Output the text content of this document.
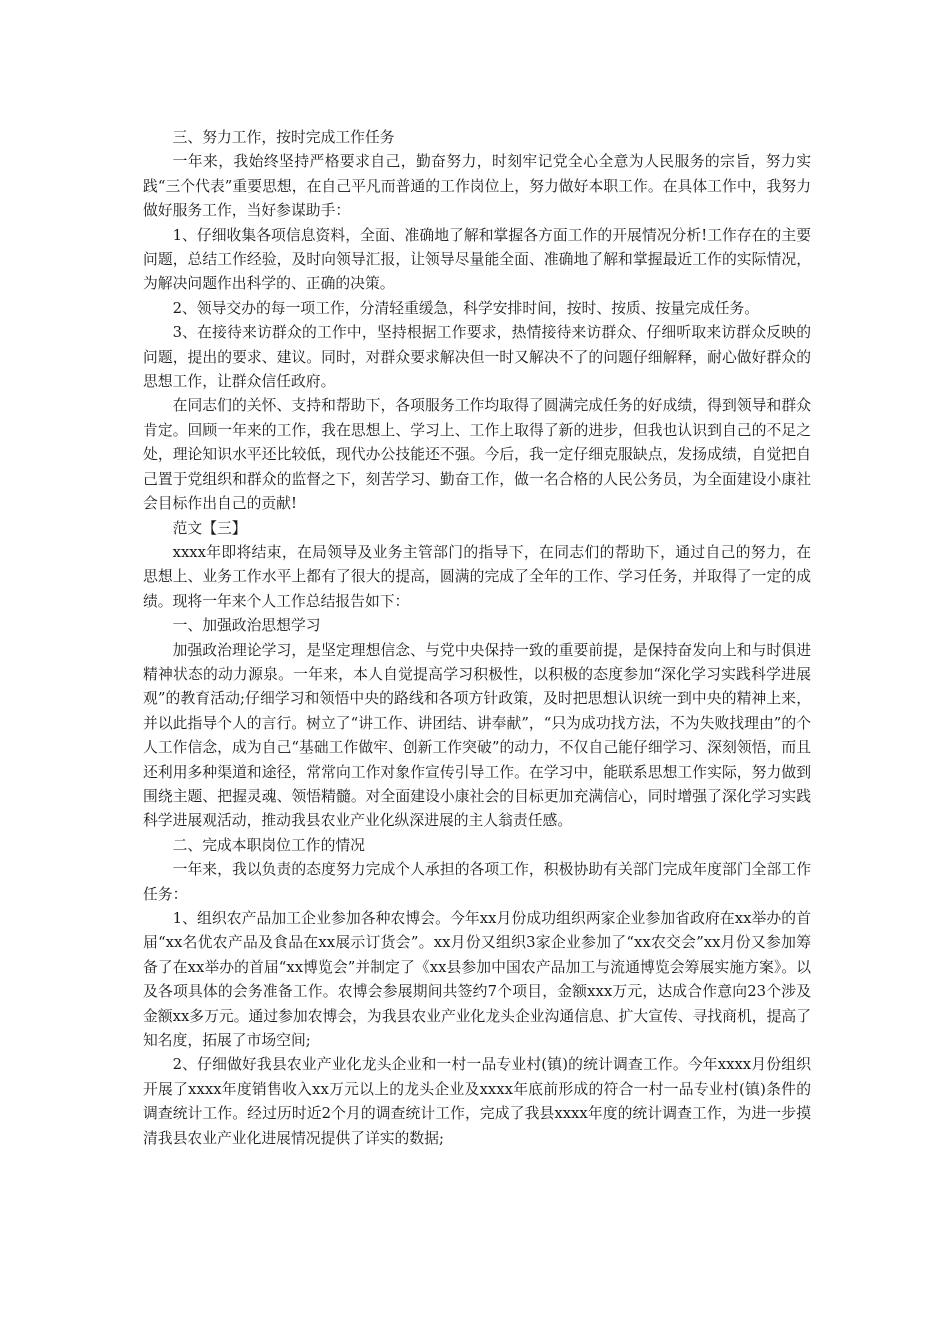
三、努力工作，按时完成工作任务

一年来，我始终坚持严格要求自己，勤奋努力，时刻牢记党全心全意为人民服务的宗旨，努力实践“三个代表”重要思想，在自己平凡而普通的工作岗位上，努力做好本职工作。在具体工作中，我努力做好服务工作，当好参谋助手：

1、仔细收集各项信息资料，全面、准确地了解和掌握各方面工作的开展情况分析!工作存在的主要问题，总结工作经验，及时向领导汇报，让领导尽量能全面、准确地了解和掌握最近工作的实际情况，为解决问题作出科学的、正确的决策。

2、领导交办的每一项工作，分清轻重缓急，科学安排时间，按时、按质、按量完成任务。

3、在接待来访群众的工作中，坚持根据工作要求，热情接待来访群众、仔细听取来访群众反映的问题，提出的要求、建议。同时，对群众要求解决但一时又解决不了的问题仔细解释，耐心做好群众的思想工作，让群众信任政府。

在同志们的关怀、支持和帮助下，各项服务工作均取得了圆满完成任务的好成绩，得到领导和群众肯定。回顾一年来的工作，我在思想上、学习上、工作上取得了新的进步，但我也认识到自己的不足之处，理论知识水平还比较低，现代办公技能还不强。今后，我一定仔细克服缺点，发扬成绩，自觉把自己置于党组织和群众的监督之下，刻苦学习、勤奋工作，做一名合格的人民公务员，为全面建设小康社会目标作出自己的贡献!

范文【三】

xxxx年即将结束，在局领导及业务主管部门的指导下，在同志们的帮助下，通过自己的努力，在思想上、业务工作水平上都有了很大的提高，圆满的完成了全年的工作、学习任务，并取得了一定的成绩。现将一年来个人工作总结报告如下：

一、加强政治思想学习

加强政治理论学习，是坚定理想信念、与党中央保持一致的重要前提，是保持奋发向上和与时俱进精神状态的动力源泉。一年来，本人自觉提高学习积极性，以积极的态度参加“深化学习实践科学进展观”的教育活动;仔细学习和领悟中央的路线和各项方针政策，及时把思想认识统一到中央的精神上来，并以此指导个人的言行。树立了“讲工作、讲团结、讲奉献”，“只为成功找方法，不为失败找理由”的个人工作信念，成为自己“基础工作做牢、创新工作突破”的动力，不仅自己能仔细学习、深刻领悟，而且还利用多种渠道和途径，常常向工作对象作宣传引导工作。在学习中，能联系思想工作实际，努力做到围绕主题、把握灵魂、领悟精髓。对全面建设小康社会的目标更加充满信心，同时增强了深化学习实践科学进展观活动，推动我县农业产业化纵深进展的主人翁责任感。

二、完成本职岗位工作的情况

一年来，我以负责的态度努力完成个人承担的各项工作，积极协助有关部门完成年度部门全部工作任务：

1、组织农产品加工企业参加各种农博会。今年xx月份成功组织两家企业参加省政府在xx举办的首届“xx名优农产品及食品在xx展示订货会”。xx月份又组织3家企业参加了“xx农交会”xx月份又参加筹备了在xx举办的首届“xx博览会”并制定了《xx县参加中国农产品加工与流通博览会筹展实施方案》。以及各项具体的会务准备工作。农博会参展期间共签约7个项目，金额xxx万元，达成合作意向23个涉及金额xx多万元。通过参加农博会，为我县农业产业化龙头企业沟通信息、扩大宣传、寻找商机，提高了知名度，拓展了市场空间;

2、仔细做好我县农业产业化龙头企业和一村一品专业村(镇)的统计调查工作。今年xxxx月份组织开展了xxxx年度销售收入xx万元以上的龙头企业及xxxx年底前形成的符合一村一品专业村(镇)条件的调查统计工作。经过历时近2个月的调查统计工作，完成了我县xxxx年度的统计调查工作，为进一步摸清我县农业产业化进展情况提供了详实的数据;
